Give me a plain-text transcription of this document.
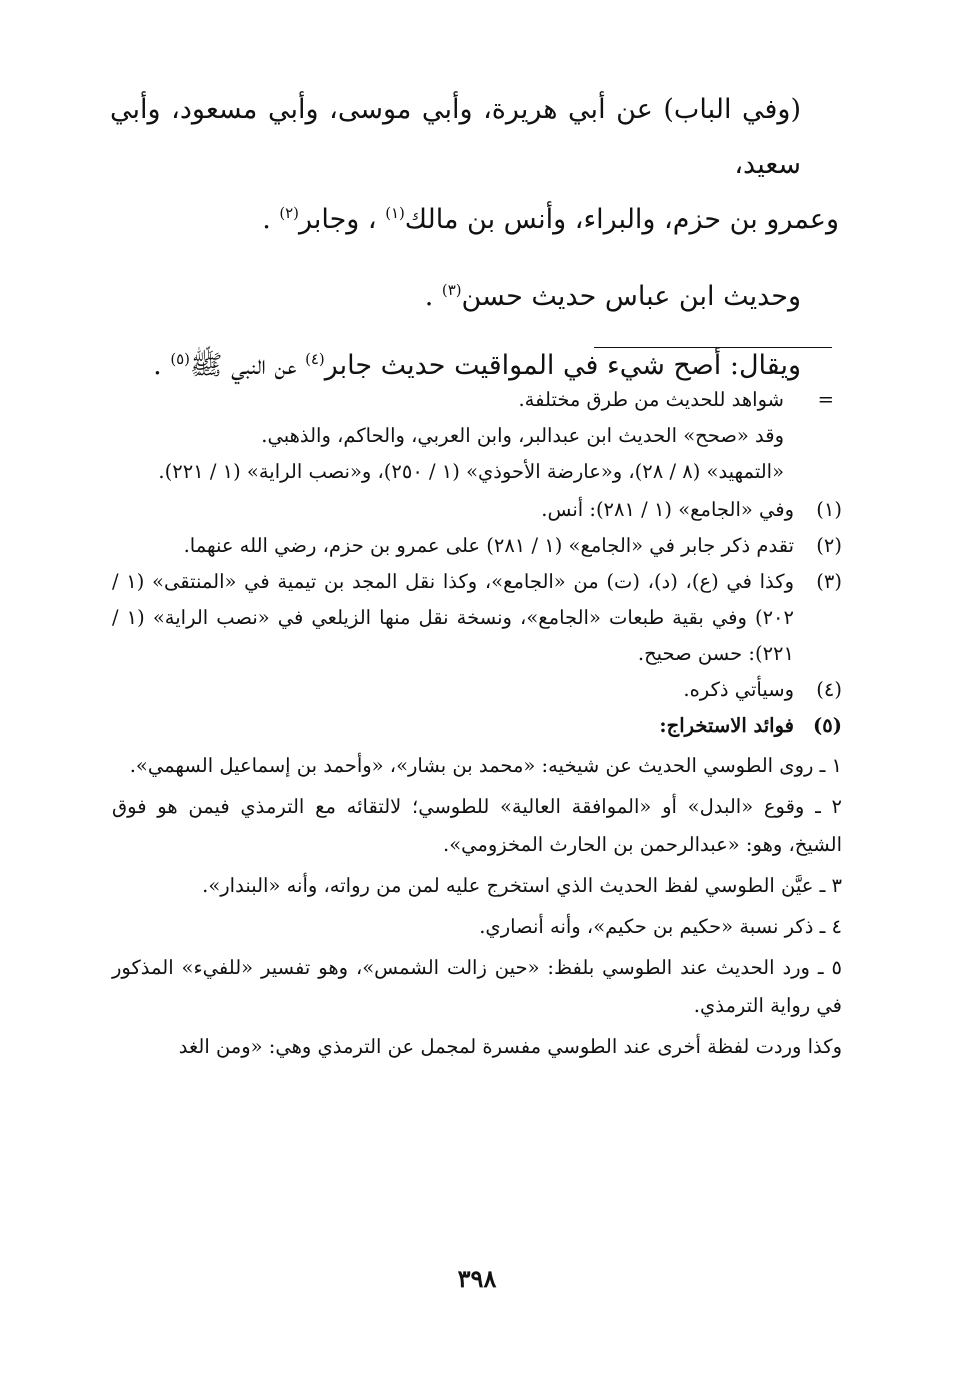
(وفي الباب) عن أبي هريرة، وأبي موسى، وأبي مسعود، وأبي سعيد،

وعمرو بن حزم، والبراء، وأنس بن مالك$^{(١)}$ ، وجابر$^{(٢)}$ .

وحديث ابن عباس حديث حسن$^{(٣)}$ .

ويقال: أصح شيء في المواقيت حديث جابر$^{(٤)}$ عن النبي ﷺ$^{(٥)}$ .

=

شواهد للحديث من طرق مختلفة.

وقد «صحح» الحديث ابن عبدالبر، وابن العربي، والحاكم، والذهبي.

«التمهيد» (٨ / ٢٨)، و«عارضة الأحوذي» (١ / ٢٥٠)، و«نصب الراية» (١ / ٢٢١).

(١)
وفي «الجامع» (١ / ٢٨١): أنس.
(٢)
تقدم ذكر جابر في «الجامع» (١ / ٢٨١) على عمرو بن حزم، رضي الله عنهما.
(٣)
وكذا في (ع)، (د)، (ت) من «الجامع»، وكذا نقل المجد بن تيمية في «المنتقى» (١ / ٢٠٢) وفي بقية طبعات «الجامع»، ونسخة نقل منها الزيلعي في «نصب الراية» (١ / ٢٢١): حسن صحيح.
(٤)
وسيأتي ذكره.
(٥)
فوائد الاستخراج:

١ ـ روى الطوسي الحديث عن شيخيه: «محمد بن بشار»، «وأحمد بن إسماعيل السهمي».

٢ ـ وقوع «البدل» أو «الموافقة العالية» للطوسي؛ لالتقائه مع الترمذي فيمن هو فوق الشيخ، وهو: «عبدالرحمن بن الحارث المخزومي».

٣ ـ عيَّن الطوسي لفظ الحديث الذي استخرج عليه لمن من رواته، وأنه «البندار».

٤ ـ ذكر نسبة «حكيم بن حكيم»، وأنه أنصاري.

٥ ـ ورد الحديث عند الطوسي بلفظ: «حين زالت الشمس»، وهو تفسير «للفيء» المذكور في رواية الترمذي.

وكذا وردت لفظة أخرى عند الطوسي مفسرة لمجمل عن الترمذي وهي: «ومن الغد

٣٩٨
